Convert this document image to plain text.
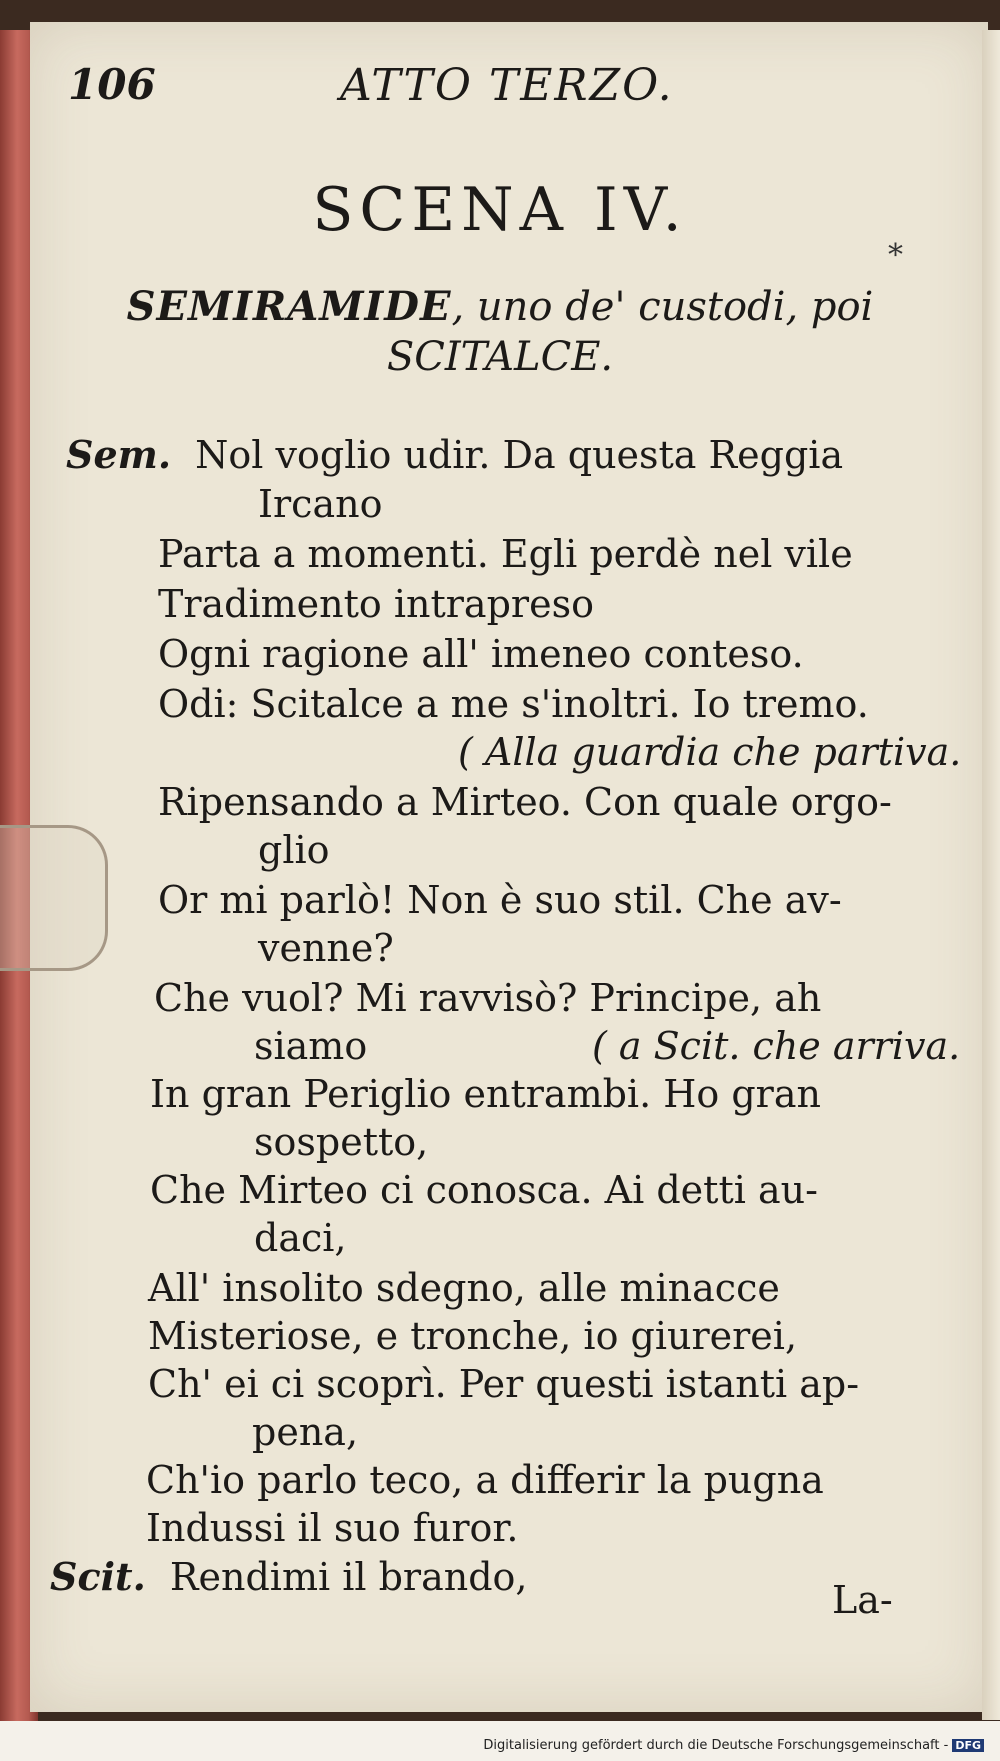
106	ATTO TERZO.
SCENA IV.
*
SEMIRAMIDE, uno de' custodi, poi
SCITALCE.
Sem. Nol voglio udir. Da questa Reggia
Ircano
Parta a momenti. Egli perdè nel vile
Tradimento intrapreso
Ogni ragione all' imeneo conteso.
Odi: Scitalce a me s'inoltri. Io tremo.
( Alla guardia che partiva.
Ripensando a Mirteo. Con quale orgo-
glio
Or mi parlò! Non è suo stil. Che av-
venne?
Che vuol? Mi ravvisò? Principe, ah
siamo	( a Scit. che arriva.
In gran Periglio entrambi. Ho gran
sospetto,
Che Mirteo ci conosca. Ai detti au-
daci,
All' insolito sdegno, alle minacce
Misteriose, e tronche, io giurerei,
Ch' ei ci scoprì. Per questi istanti ap-
pena,
Ch'io parlo teco, a differir la pugna
Indussi il suo furor.
Scit. Rendimi il brando,
La-
Digitalisierung gefördert durch die Deutsche Forschungsgemeinschaft - DFG
